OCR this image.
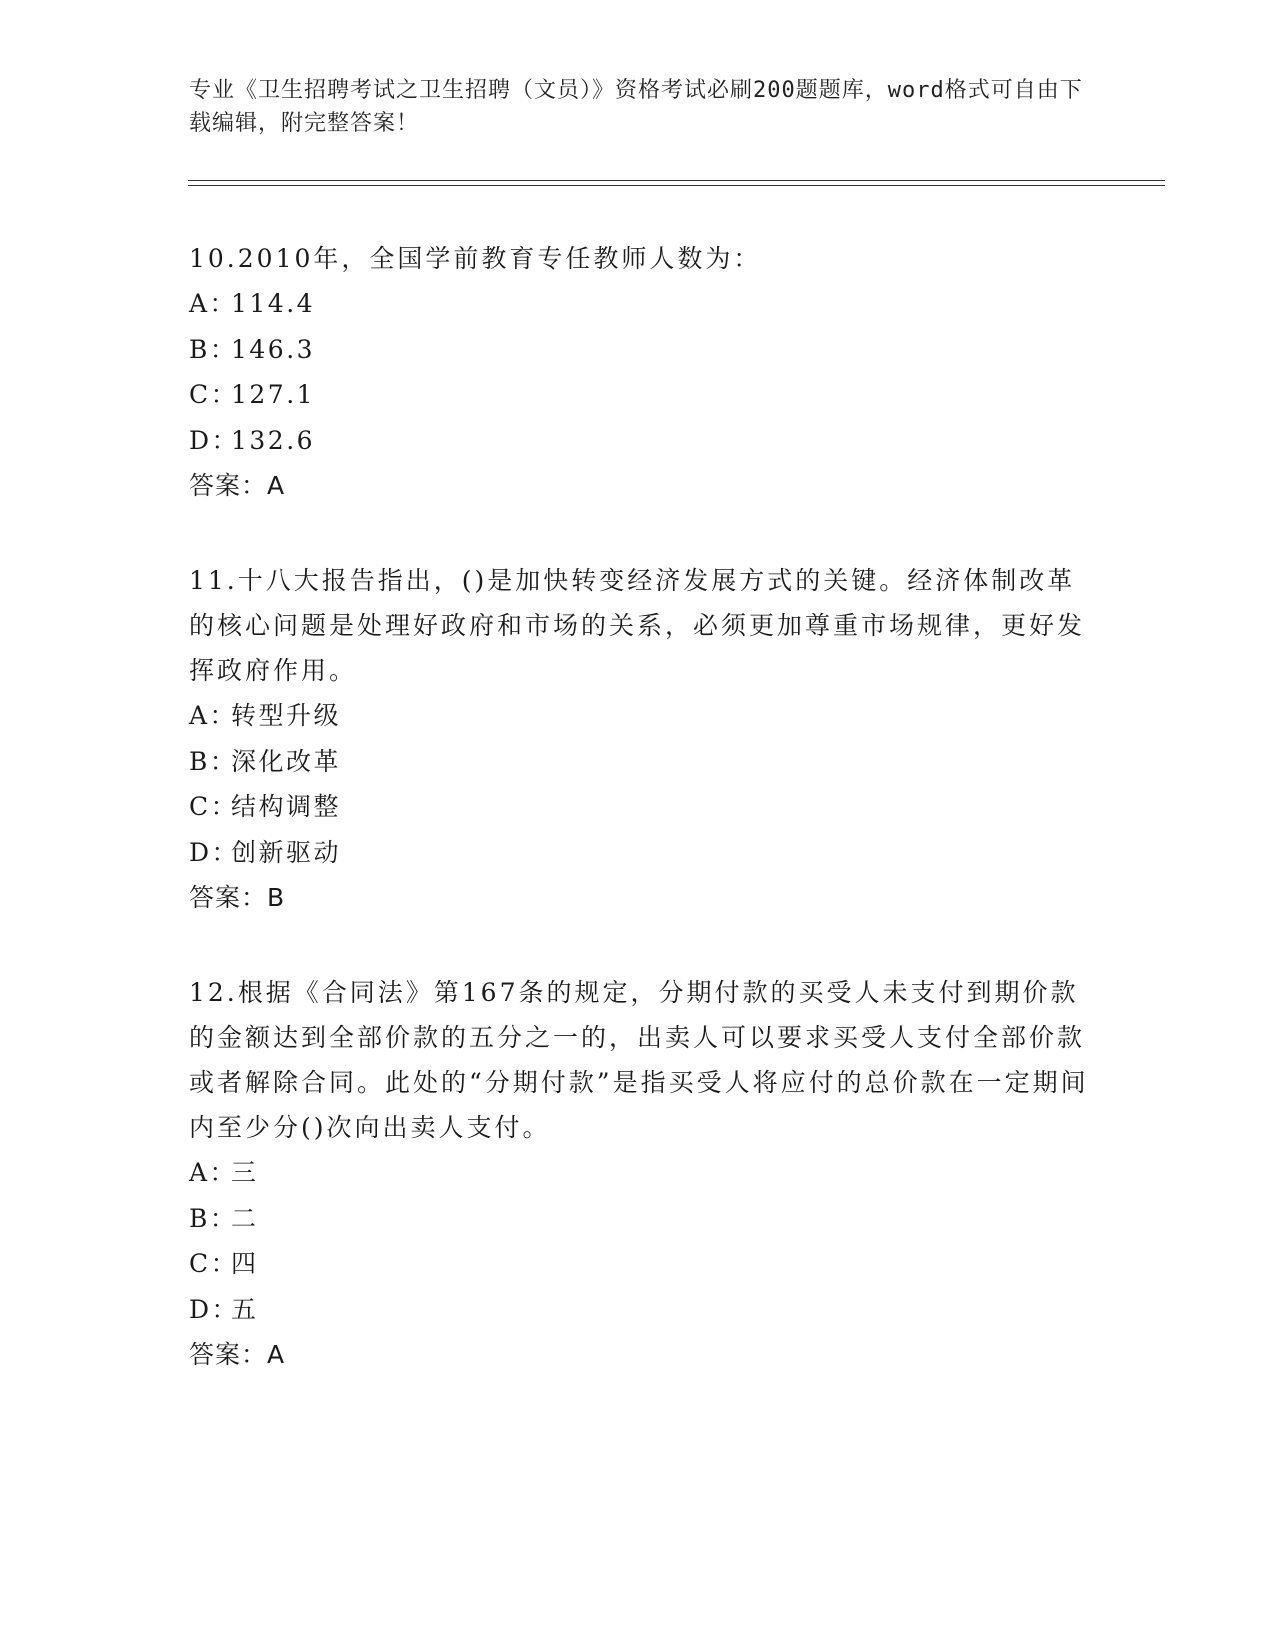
专业《卫生招聘考试之卫生招聘（文员）》资格考试必刷200题题库，word格式可自由下载编辑，附完整答案！

10.2010年，全国学前教育专任教师人数为：

A：114.4

B：146.3

C：127.1

D：132.6

答案：A

11.十八大报告指出，()是加快转变经济发展方式的关键。经济体制改革的核心问题是处理好政府和市场的关系，必须更加尊重市场规律，更好发挥政府作用。

A：转型升级

B：深化改革

C：结构调整

D：创新驱动

答案：B

12.根据《合同法》第167条的规定，分期付款的买受人未支付到期价款的金额达到全部价款的五分之一的，出卖人可以要求买受人支付全部价款或者解除合同。此处的“分期付款”是指买受人将应付的总价款在一定期间内至少分()次向出卖人支付。

A：三

B：二

C：四

D：五

答案：A
